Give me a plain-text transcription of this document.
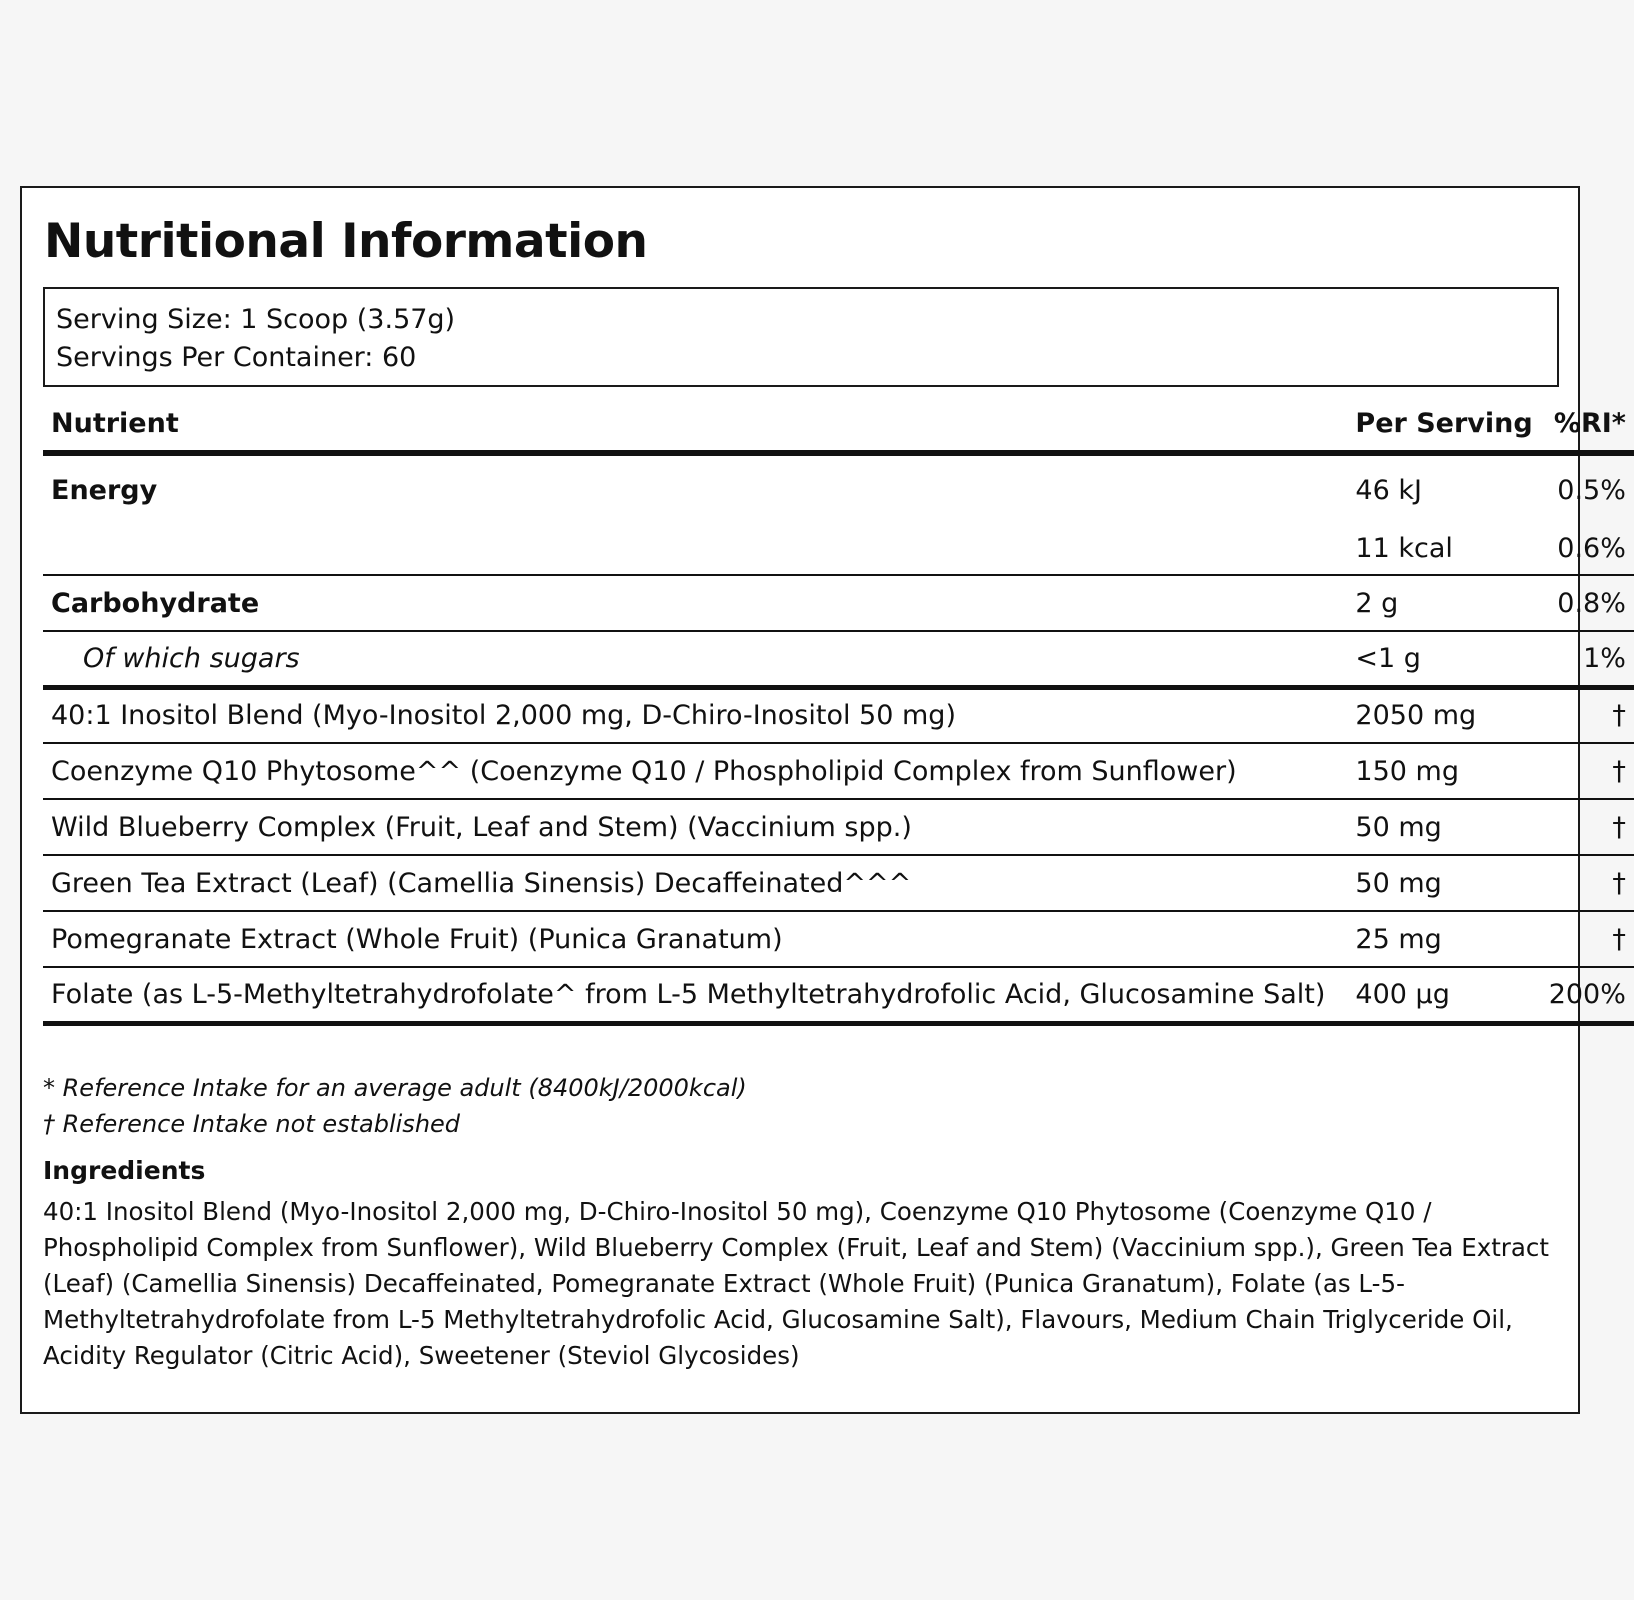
Nutritional Information
Serving Size: 1 Scoop (3.57g)
Servings Per Container: 60
Nutrient	Per Serving	%RI*
Energy	46 kJ	0.5%
	11 kcal	0.6%
Carbohydrate	2 g	0.8%
Of which sugars	<1 g	1%
40:1 Inositol Blend (Myo-Inositol 2,000 mg, D-Chiro-Inositol 50 mg)	2050 mg	†
Coenzyme Q10 Phytosome^^ (Coenzyme Q10 / Phospholipid Complex from Sunflower)	150 mg	†
Wild Blueberry Complex (Fruit, Leaf and Stem) (Vaccinium spp.)	50 mg	†
Green Tea Extract (Leaf) (Camellia Sinensis) Decaffeinated^^^	50 mg	†
Pomegranate Extract (Whole Fruit) (Punica Granatum)	25 mg	†
Folate (as L-5-Methyltetrahydrofolate^ from L-5 Methyltetrahydrofolic Acid, Glucosamine Salt)	400 µg	200%
* Reference Intake for an average adult (8400kJ/2000kcal)
† Reference Intake not established
Ingredients
40:1 Inositol Blend (Myo-Inositol 2,000 mg, D-Chiro-Inositol 50 mg), Coenzyme Q10 Phytosome (Coenzyme Q10 / Phospholipid Complex from Sunflower), Wild Blueberry Complex (Fruit, Leaf and Stem) (Vaccinium spp.), Green Tea Extract (Leaf) (Camellia Sinensis) Decaffeinated, Pomegranate Extract (Whole Fruit) (Punica Granatum), Folate (as L-5-Methyltetrahydrofolate from L-5 Methyltetrahydrofolic Acid, Glucosamine Salt), Flavours, Medium Chain Triglyceride Oil, Acidity Regulator (Citric Acid), Sweetener (Steviol Glycosides)
